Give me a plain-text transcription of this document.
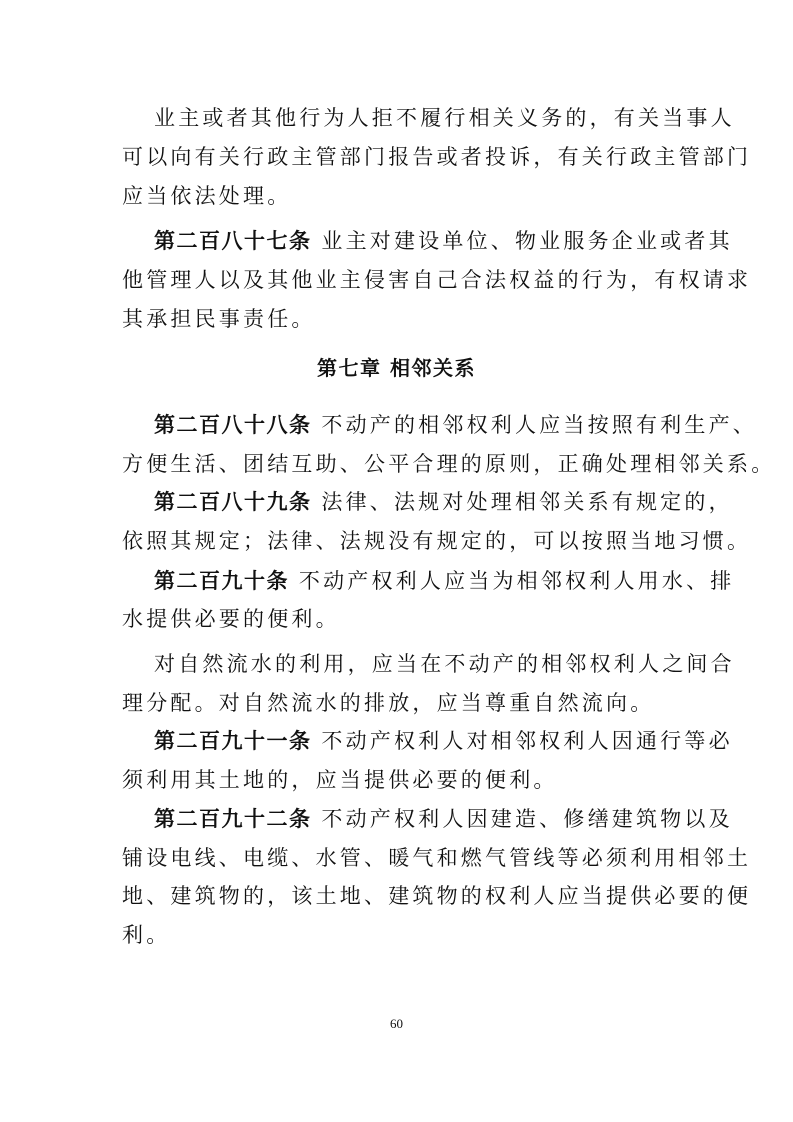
业主或者其他行为人拒不履行相关义务的，有关当事人
可以向有关行政主管部门报告或者投诉，有关行政主管部门
应当依法处理。
第二百八十七条 业主对建设单位、物业服务企业或者其
他管理人以及其他业主侵害自己合法权益的行为，有权请求
其承担民事责任。
第七章 相邻关系
第二百八十八条 不动产的相邻权利人应当按照有利生产、
方便生活、团结互助、公平合理的原则，正确处理相邻关系。
第二百八十九条 法律、法规对处理相邻关系有规定的，
依照其规定；法律、法规没有规定的，可以按照当地习惯。
第二百九十条 不动产权利人应当为相邻权利人用水、排
水提供必要的便利。
对自然流水的利用，应当在不动产的相邻权利人之间合
理分配。对自然流水的排放，应当尊重自然流向。
第二百九十一条 不动产权利人对相邻权利人因通行等必
须利用其土地的，应当提供必要的便利。
第二百九十二条 不动产权利人因建造、修缮建筑物以及
铺设电线、电缆、水管、暖气和燃气管线等必须利用相邻土
地、建筑物的，该土地、建筑物的权利人应当提供必要的便
利。
60
